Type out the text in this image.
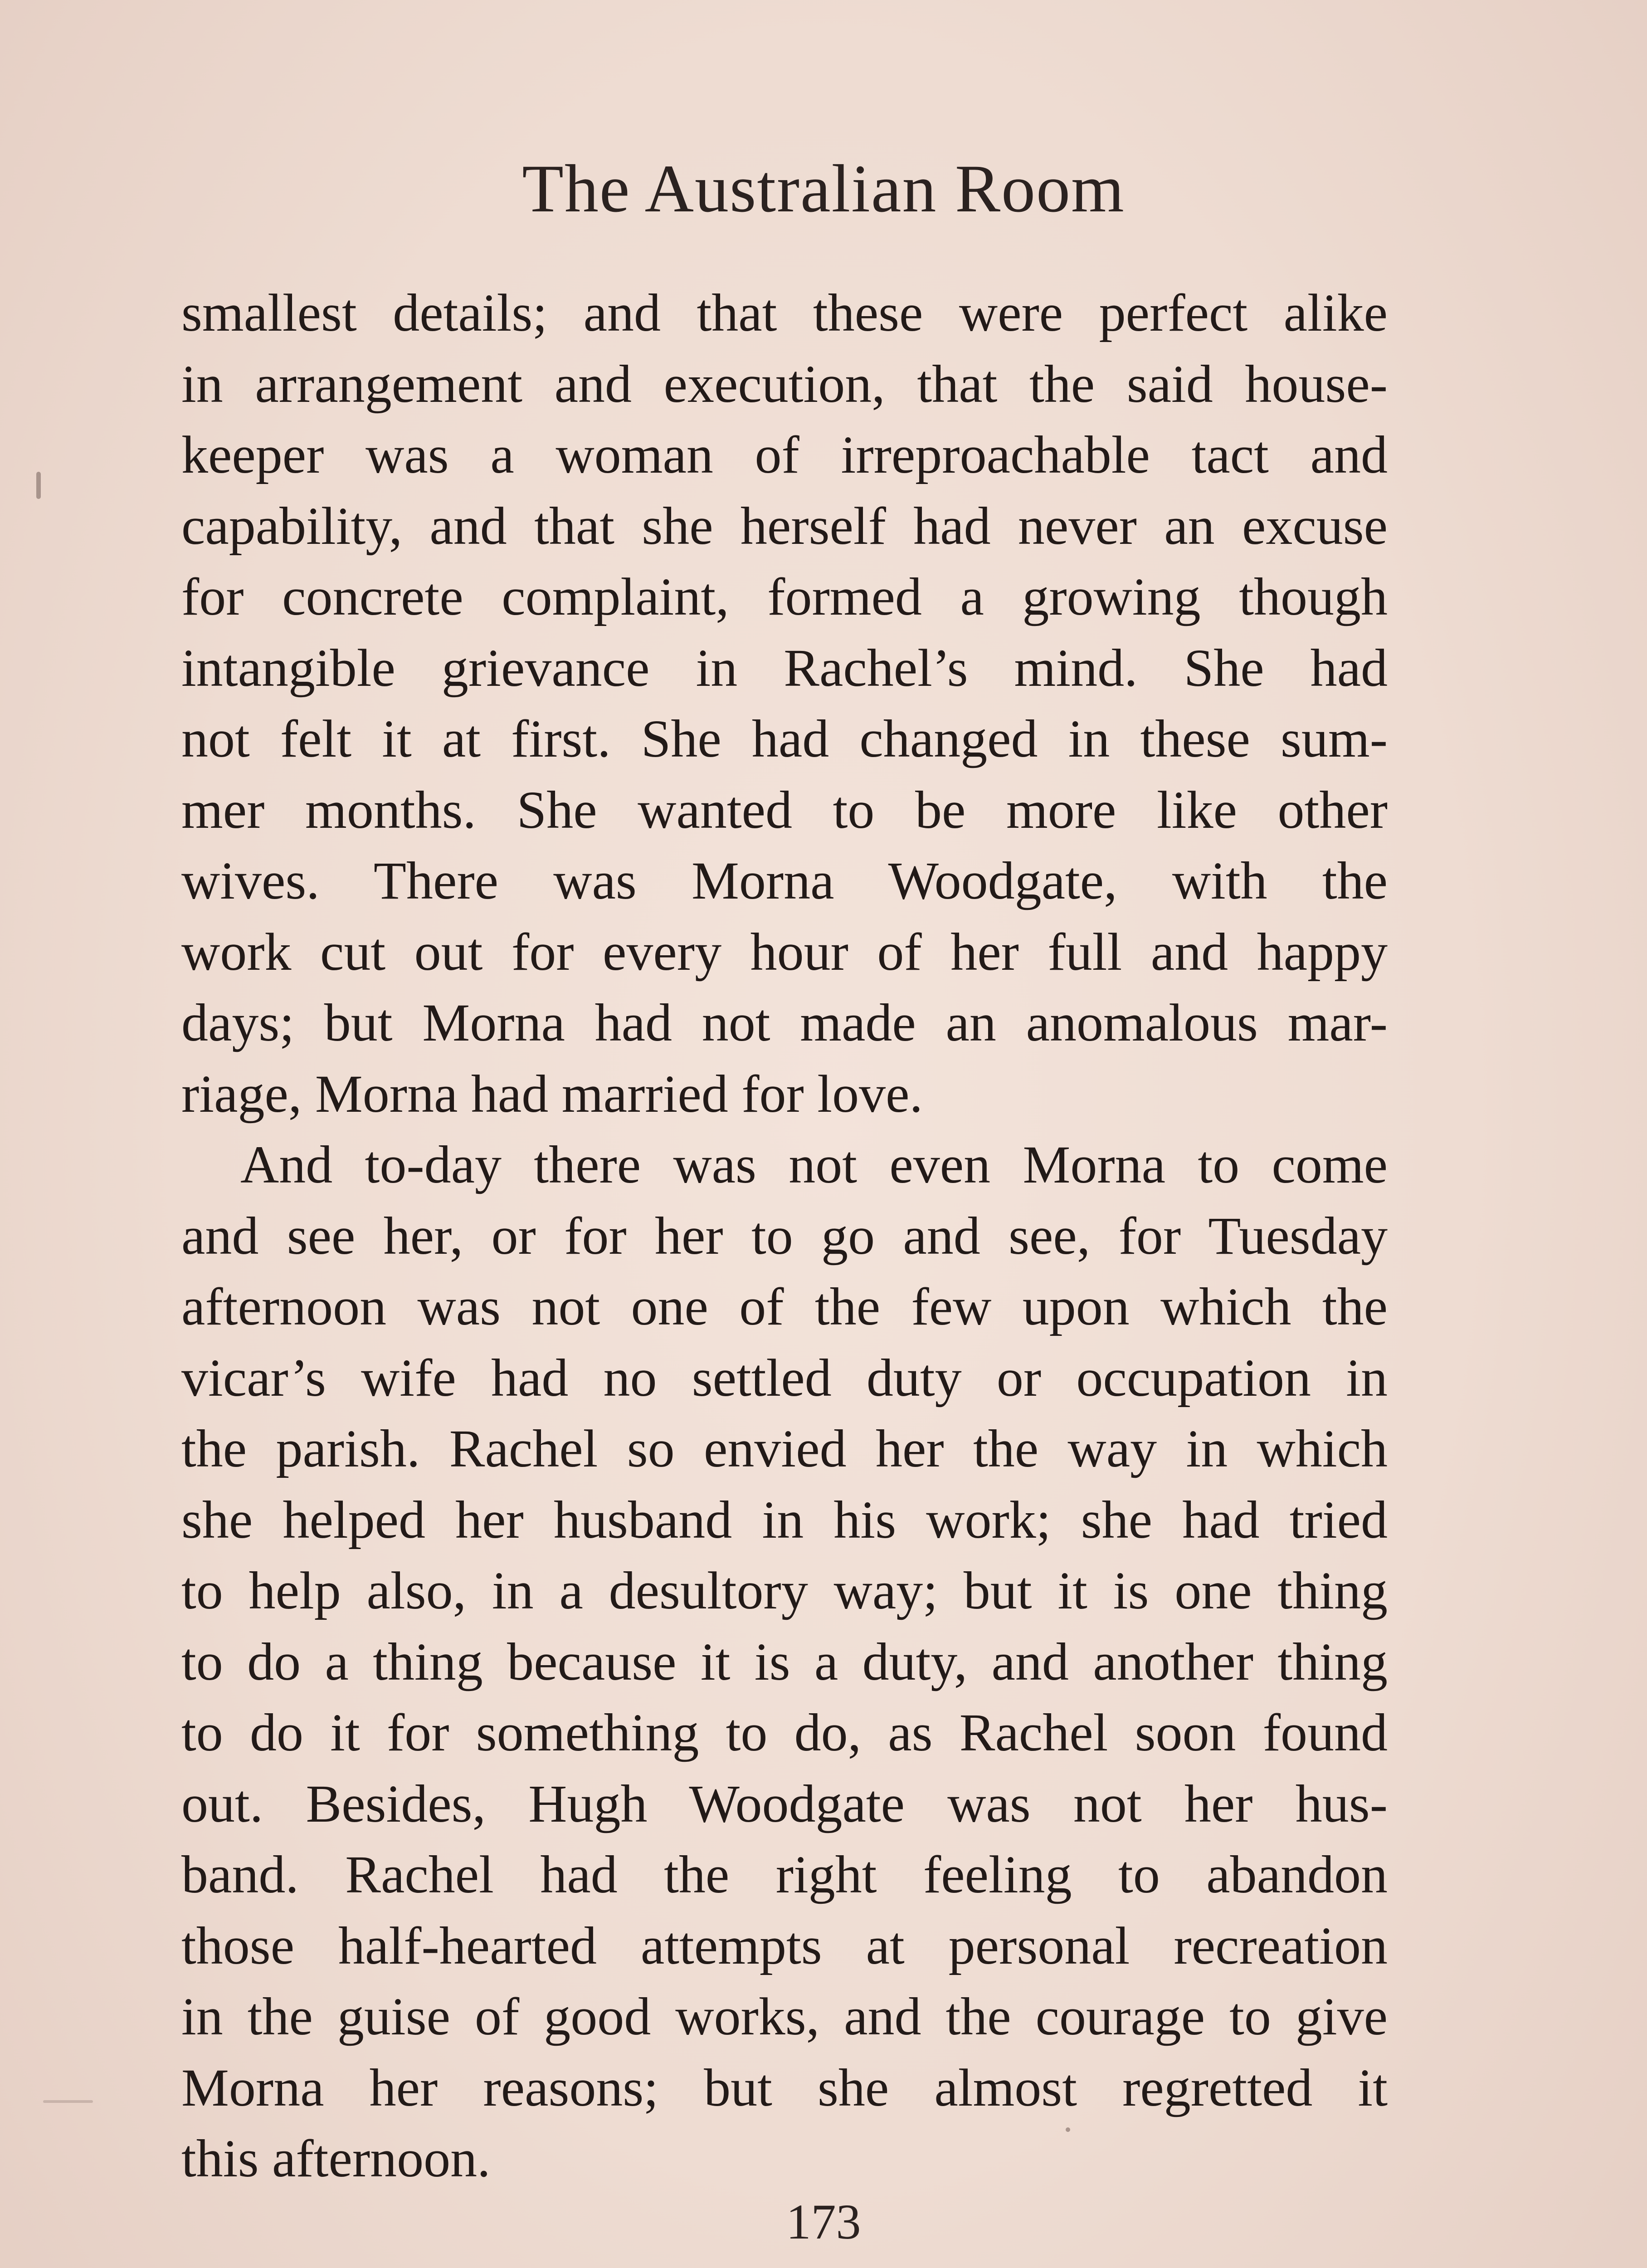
The Australian Room
smallest details; and that these were perfect alike
in arrangement and execution, that the said house-
keeper was a woman of irreproachable tact and
capability, and that she herself had never an excuse
for concrete complaint, formed a growing though
intangible grievance in Rachel’s mind. She had
not felt it at first. She had changed in these sum-
mer months. She wanted to be more like other
wives. There was Morna Woodgate, with the
work cut out for every hour of her full and happy
days; but Morna had not made an anomalous mar-
riage, Morna had married for love.
And to-day there was not even Morna to come
and see her, or for her to go and see, for Tuesday
afternoon was not one of the few upon which the
vicar’s wife had no settled duty or occupation in
the parish. Rachel so envied her the way in which
she helped her husband in his work; she had tried
to help also, in a desultory way; but it is one thing
to do a thing because it is a duty, and another thing
to do it for something to do, as Rachel soon found
out. Besides, Hugh Woodgate was not her hus-
band. Rachel had the right feeling to abandon
those half-hearted attempts at personal recreation
in the guise of good works, and the courage to give
Morna her reasons; but she almost regretted it
this afternoon.
173
